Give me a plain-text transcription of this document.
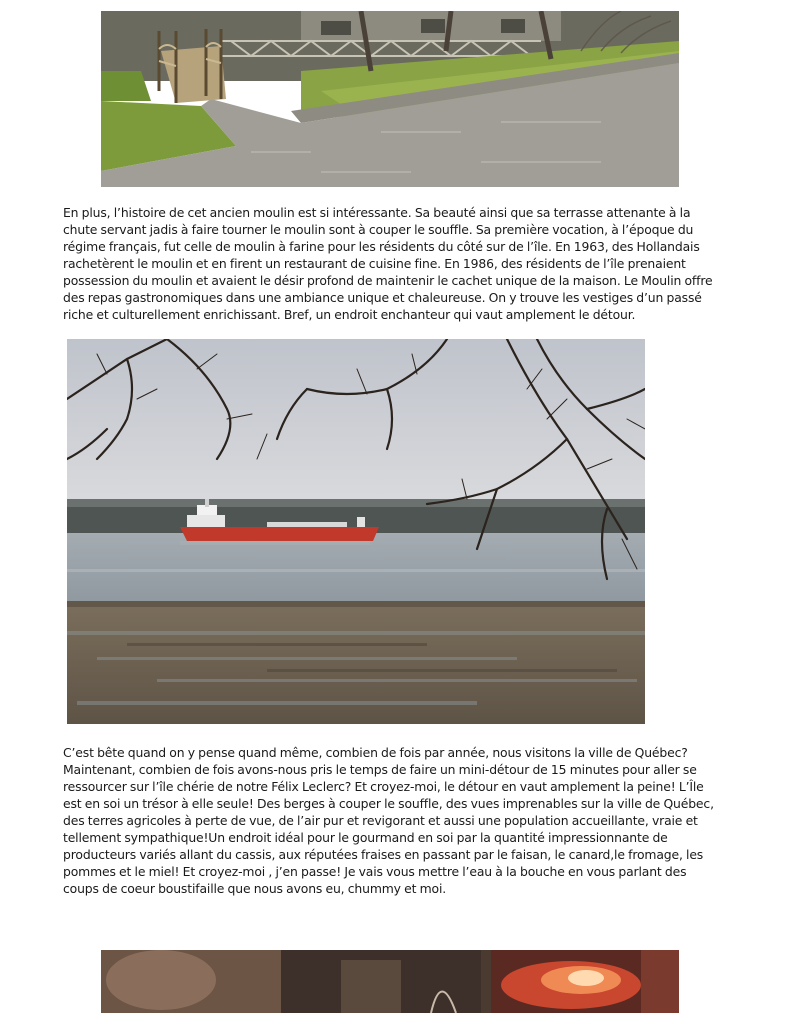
En plus, l’histoire de cet ancien moulin est si intéressante. Sa beauté ainsi que sa terrasse attenante à la chute servant jadis à faire tourner le moulin sont à couper le souffle. Sa première vocation, à l’époque du régime français, fut celle de moulin à farine pour les résidents du côté sur de l’île. En 1963, des Hollandais rachetèrent le moulin et en firent un restaurant de cuisine fine. En 1986, des résidents de l’île prenaient possession du moulin et avaient le désir profond de maintenir le cachet unique de la maison. Le Moulin offre des repas gastronomiques dans une ambiance unique et chaleureuse. On y trouve les vestiges d’un passé riche et culturellement enrichissant. Bref, un endroit enchanteur qui vaut amplement le détour.

C’est bête quand on y pense quand même, combien de fois par année, nous visitons la ville de Québec? Maintenant, combien de fois avons-nous pris le temps de faire un mini-détour de 15 minutes pour aller se ressourcer sur l’île chérie de notre Félix Leclerc? Et croyez-moi, le détour en vaut amplement la peine! L’Île est en soi un trésor à elle seule! Des berges à couper le souffle, des vues imprenables sur la ville de Québec, des terres agricoles à perte de vue, de l’air pur et revigorant et aussi une population accueillante, vraie et tellement sympathique!Un endroit idéal pour le gourmand en soi par la quantité impressionnante de producteurs variés allant du cassis, aux réputées fraises en passant par le faisan, le canard,le fromage, les pommes et le miel! Et croyez-moi , j’en passe! Je vais vous mettre l’eau à la bouche en vous parlant des coups de coeur boustifaille que nous avons eu, chummy et moi.
